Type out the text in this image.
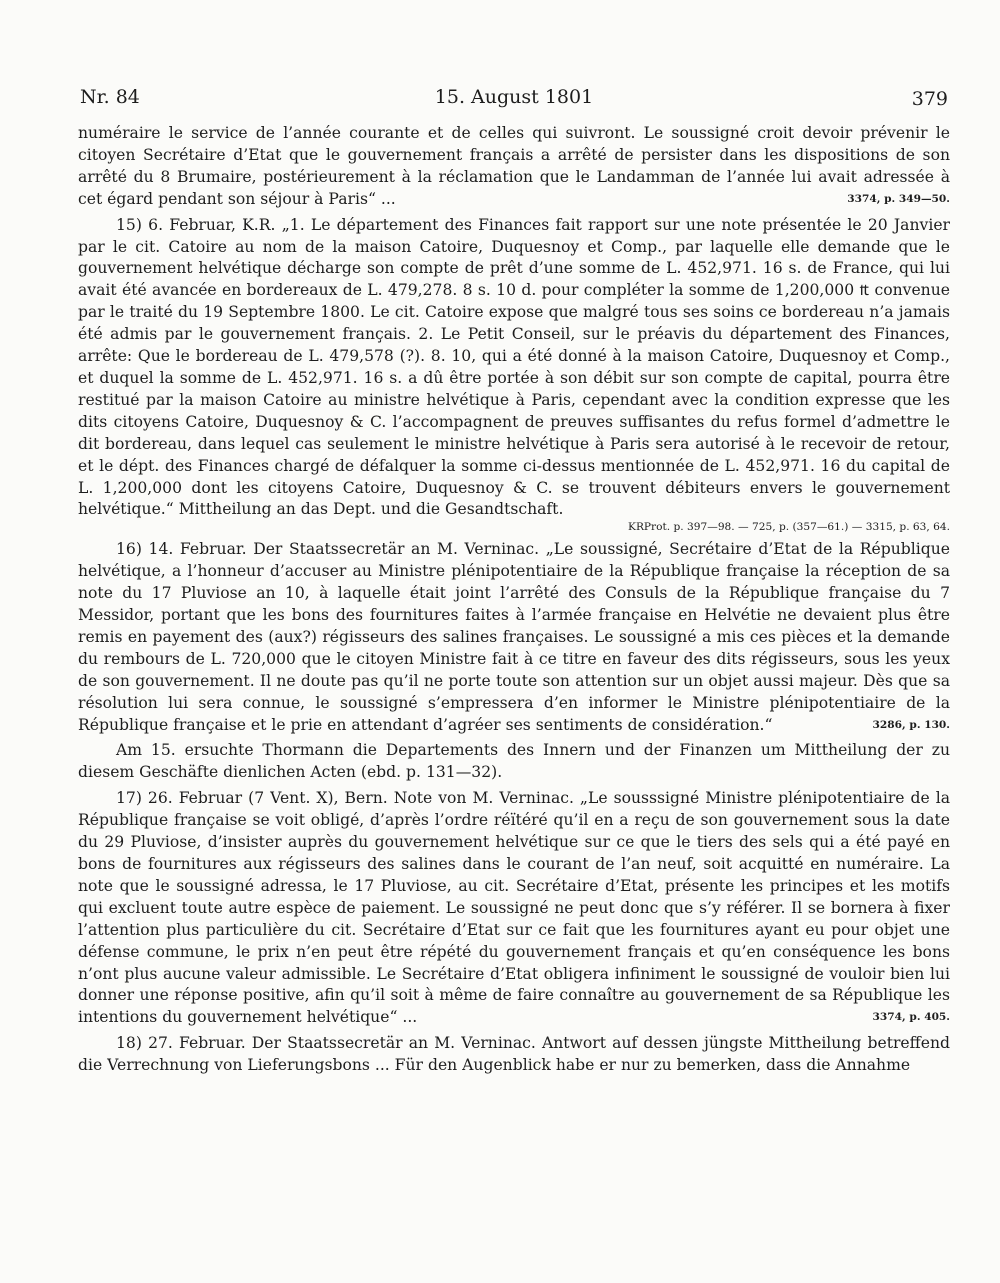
Nr. 84	15. August 1801	379

numéraire le service de l’année courante et de celles qui suivront. Le soussigné croit devoir prévenir le citoyen Secrétaire d’Etat que le gouvernement français a arrêté de persister dans les dispositions de son arrêté du 8 Brumaire, postérieurement à la réclamation que le Landamman de l’année lui avait adressée à cet égard pendant son séjour à Paris“ ...	3374, p. 349—50.

15) 6. Februar, K.R. „1. Le département des Finances fait rapport sur une note présentée le 20 Janvier par le cit. Catoire au nom de la maison Catoire, Duquesnoy et Comp., par laquelle elle demande que le gouvernement helvétique décharge son compte de prêt d’une somme de L. 452,971. 16 s. de France, qui lui avait été avancée en bordereaux de L. 479,278. 8 s. 10 d. pour compléter la somme de 1,200,000 ₶ convenue par le traité du 19 Septembre 1800. Le cit. Catoire expose que malgré tous ses soins ce bordereau n’a jamais été admis par le gouvernement français. 2. Le Petit Conseil, sur le préavis du département des Finances, arrête: Que le bordereau de L. 479,578 (?). 8. 10, qui a été donné à la maison Catoire, Duquesnoy et Comp., et duquel la somme de L. 452,971. 16 s. a dû être portée à son débit sur son compte de capital, pourra être restitué par la maison Catoire au ministre helvétique à Paris, cependant avec la condition expresse que les dits citoyens Catoire, Duquesnoy & C. l’accompagnent de preuves suffisantes du refus formel d’admettre le dit bordereau, dans lequel cas seulement le ministre helvétique à Paris sera autorisé à le recevoir de retour, et le dépt. des Finances chargé de défalquer la somme ci-dessus mentionnée de L. 452,971. 16 du capital de L. 1,200,000 dont les citoyens Catoire, Duquesnoy & C. se trouvent débiteurs envers le gouvernement helvétique.“ Mittheilung an das Dept. und die Gesandtschaft.

KRProt. p. 397—98. — 725, p. (357—61.) — 3315, p. 63, 64.

16) 14. Februar. Der Staatssecretär an M. Verninac. „Le soussigné, Secrétaire d’Etat de la République helvétique, a l’honneur d’accuser au Ministre plénipotentiaire de la République française la réception de sa note du 17 Pluviose an 10, à laquelle était joint l’arrêté des Consuls de la République française du 7 Messidor, portant que les bons des fournitures faites à l’armée française en Helvétie ne devaient plus être remis en payement des (aux?) régisseurs des salines françaises. Le soussigné a mis ces pièces et la demande du rembours de L. 720,000 que le citoyen Ministre fait à ce titre en faveur des dits régisseurs, sous les yeux de son gouvernement. Il ne doute pas qu’il ne porte toute son attention sur un objet aussi majeur. Dès que sa résolution lui sera connue, le soussigné s’empressera d’en informer le Ministre plénipotentiaire de la République française et le prie en attendant d’agréer ses sentiments de considération.“	3286, p. 130.

Am 15. ersuchte Thormann die Departements des Innern und der Finanzen um Mittheilung der zu diesem Geschäfte dienlichen Acten (ebd. p. 131—32).

17) 26. Februar (7 Vent. X), Bern. Note von M. Verninac. „Le sousssigné Ministre plénipotentiaire de la République française se voit obligé, d’après l’ordre réïtéré qu’il en a reçu de son gouvernement sous la date du 29 Pluviose, d’insister auprès du gouvernement helvétique sur ce que le tiers des sels qui a été payé en bons de fournitures aux régisseurs des salines dans le courant de l’an neuf, soit acquitté en numéraire. La note que le soussigné adressa, le 17 Pluviose, au cit. Secrétaire d’Etat, présente les principes et les motifs qui excluent toute autre espèce de paiement. Le soussigné ne peut donc que s’y référer. Il se bornera à fixer l’attention plus particulière du cit. Secrétaire d’Etat sur ce fait que les fournitures ayant eu pour objet une défense commune, le prix n’en peut être répété du gouvernement français et qu’en conséquence les bons n’ont plus aucune valeur admissible. Le Secrétaire d’Etat obligera infiniment le soussigné de vouloir bien lui donner une réponse positive, afin qu’il soit à même de faire connaître au gouvernement de sa République les intentions du gouvernement helvétique“ ...	3374, p. 405.

18) 27. Februar. Der Staatssecretär an M. Verninac. Antwort auf dessen jüngste Mittheilung betreffend die Verrechnung von Lieferungsbons ... Für den Augenblick habe er nur zu bemerken, dass die Annahme
